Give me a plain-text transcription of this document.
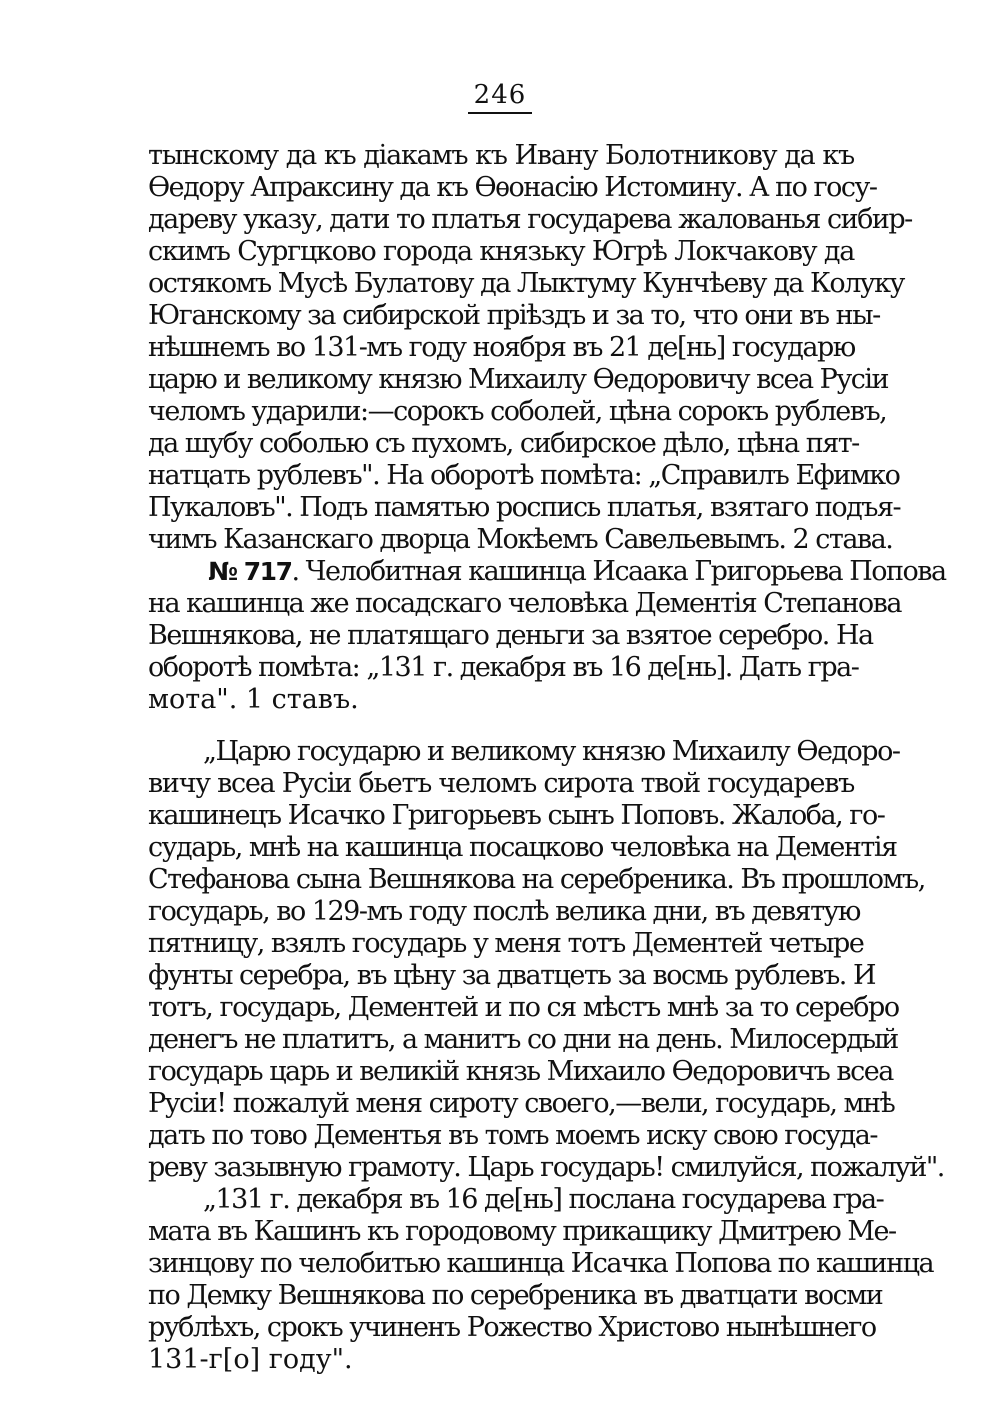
246
тынскому да къ діакамъ къ Ивану Болотникову да къ
Ѳедору Апраксину да къ Ѳѳонасію Истомину. А по госу-
дареву указу, дати то платья государева жалованья сибир-
скимъ Сургцково города князьку Югрѣ Локчакову да
остякомъ Мусѣ Булатову да Лыктуму Кунчѣеву да Колуку
Юганскому за сибирской пріѣздъ и за то, что они въ ны-
нѣшнемъ во 131-мъ году ноября въ 21 де[нь] государю
царю и великому князю Михаилу Ѳедоровичу всеа Русіи
челомъ ударили:—сорокъ соболей, цѣна сорокъ рублевъ,
да шубу соболью съ пухомъ, сибирское дѣло, цѣна пят-
натцать рублевъ". На оборотѣ помѣта: „Справилъ Ефимко
Пукаловъ". Подъ памятью роспись платья, взятаго подъя-
чимъ Казанскаго дворца Мокѣемъ Савельевымъ. 2 става.
№ 717. Челобитная кашинца Исаака Григорьева Попова
на кашинца же посадскаго человѣка Дементія Степанова
Вешнякова, не платящаго деньги за взятое серебро. На
оборотѣ помѣта: „131 г. декабря въ 16 де[нь]. Дать гра-
мота". 1 ставъ.
„Царю государю и великому князю Михаилу Ѳедоро-
вичу всеа Русіи бьетъ челомъ сирота твой государевъ
кашинецъ Исачко Григорьевъ сынъ Поповъ. Жалоба, го-
сударь, мнѣ на кашинца посацково человѣка на Дементія
Стефанова сына Вешнякова на серебреника. Въ прошломъ,
государь, во 129-мъ году послѣ велика дни, въ девятую
пятницу, взялъ государь у меня тотъ Дементей четыре
фунты серебра, въ цѣну за дватцеть за восмь рублевъ. И
тотъ, государь, Дементей и по ся мѣстъ мнѣ за то серебро
денегъ не платитъ, а манитъ со дни на день. Милосердый
государь царь и великій князь Михаило Ѳедоровичъ всеа
Русіи! пожалуй меня сироту своего,—вели, государь, мнѣ
дать по тово Дементья въ томъ моемъ иску свою госуда-
реву зазывную грамоту. Царь государь! смилуйся, пожалуй".
„131 г. декабря въ 16 де[нь] послана государева гра-
мата въ Кашинъ къ городовому прикащику Дмитрею Ме-
зинцову по челобитью кашинца Исачка Попова по кашинца
по Демку Вешнякова по серебреника въ дватцати восми
рублѣхъ, срокъ учиненъ Рожество Христово нынѣшнего
131-г[о] году".
